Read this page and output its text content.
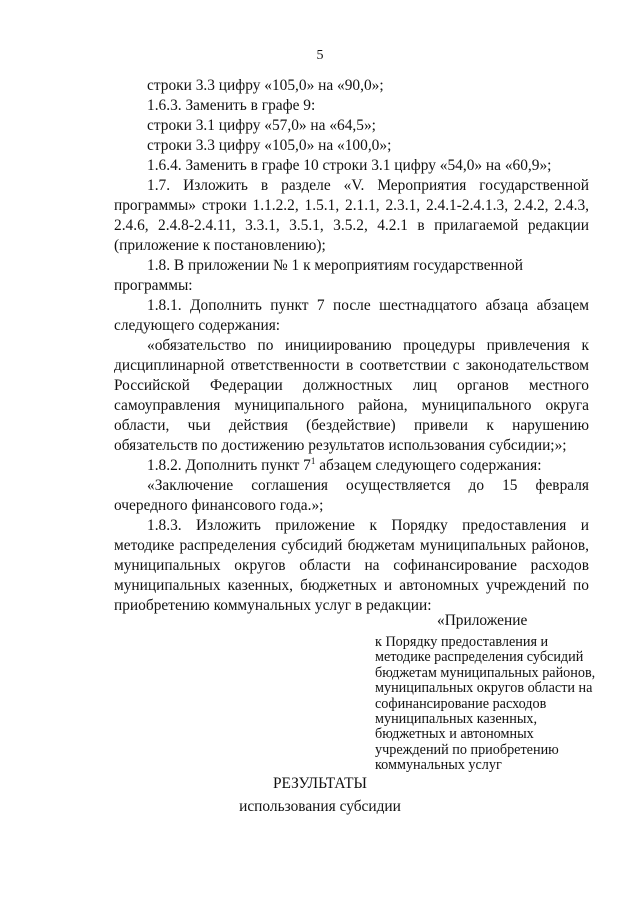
5

строки 3.3 цифру «105,0» на «90,0»;

1.6.3. Заменить в графе 9:

строки 3.1 цифру «57,0» на «64,5»;

строки 3.3 цифру «105,0» на «100,0»;

1.6.4. Заменить в графе 10 строки 3.1 цифру «54,0» на «60,9»;

1.7. Изложить в разделе «V. Мероприятия государственной программы» строки 1.1.2.2, 1.5.1, 2.1.1, 2.3.1, 2.4.1-2.4.1.3, 2.4.2, 2.4.3, 2.4.6, 2.4.8-2.4.11, 3.3.1, 3.5.1, 3.5.2, 4.2.1 в прилагаемой редакции (приложение к постановлению);

1.8. В приложении № 1 к мероприятиям государственной программы:

1.8.1. Дополнить пункт 7 после шестнадцатого абзаца абзацем следующего содержания:

«обязательство по инициированию процедуры привлечения к дисциплинарной ответственности в соответствии с законодательством Российской Федерации должностных лиц органов местного самоуправления муниципального района, муниципального округа области, чьи действия (бездействие) привели к нарушению обязательств по достижению результатов использования субсидии;»;

1.8.2. Дополнить пункт $7^1$ абзацем следующего содержания:

«Заключение соглашения осуществляется до 15 февраля очередного финансового года.»;

1.8.3. Изложить приложение к Порядку предоставления и методике распределения субсидий бюджетам муниципальных районов, муниципальных округов области на софинансирование расходов муниципальных казенных, бюджетных и автономных учреждений по приобретению коммунальных услуг в редакции:

«Приложение
к Порядку предоставления и методике распределения субсидий бюджетам муниципальных районов, муниципальных округов области на софинансирование расходов муниципальных казенных, бюджетных и автономных учреждений по приобретению коммунальных услуг
РЕЗУЛЬТАТЫ
использования субсидии
